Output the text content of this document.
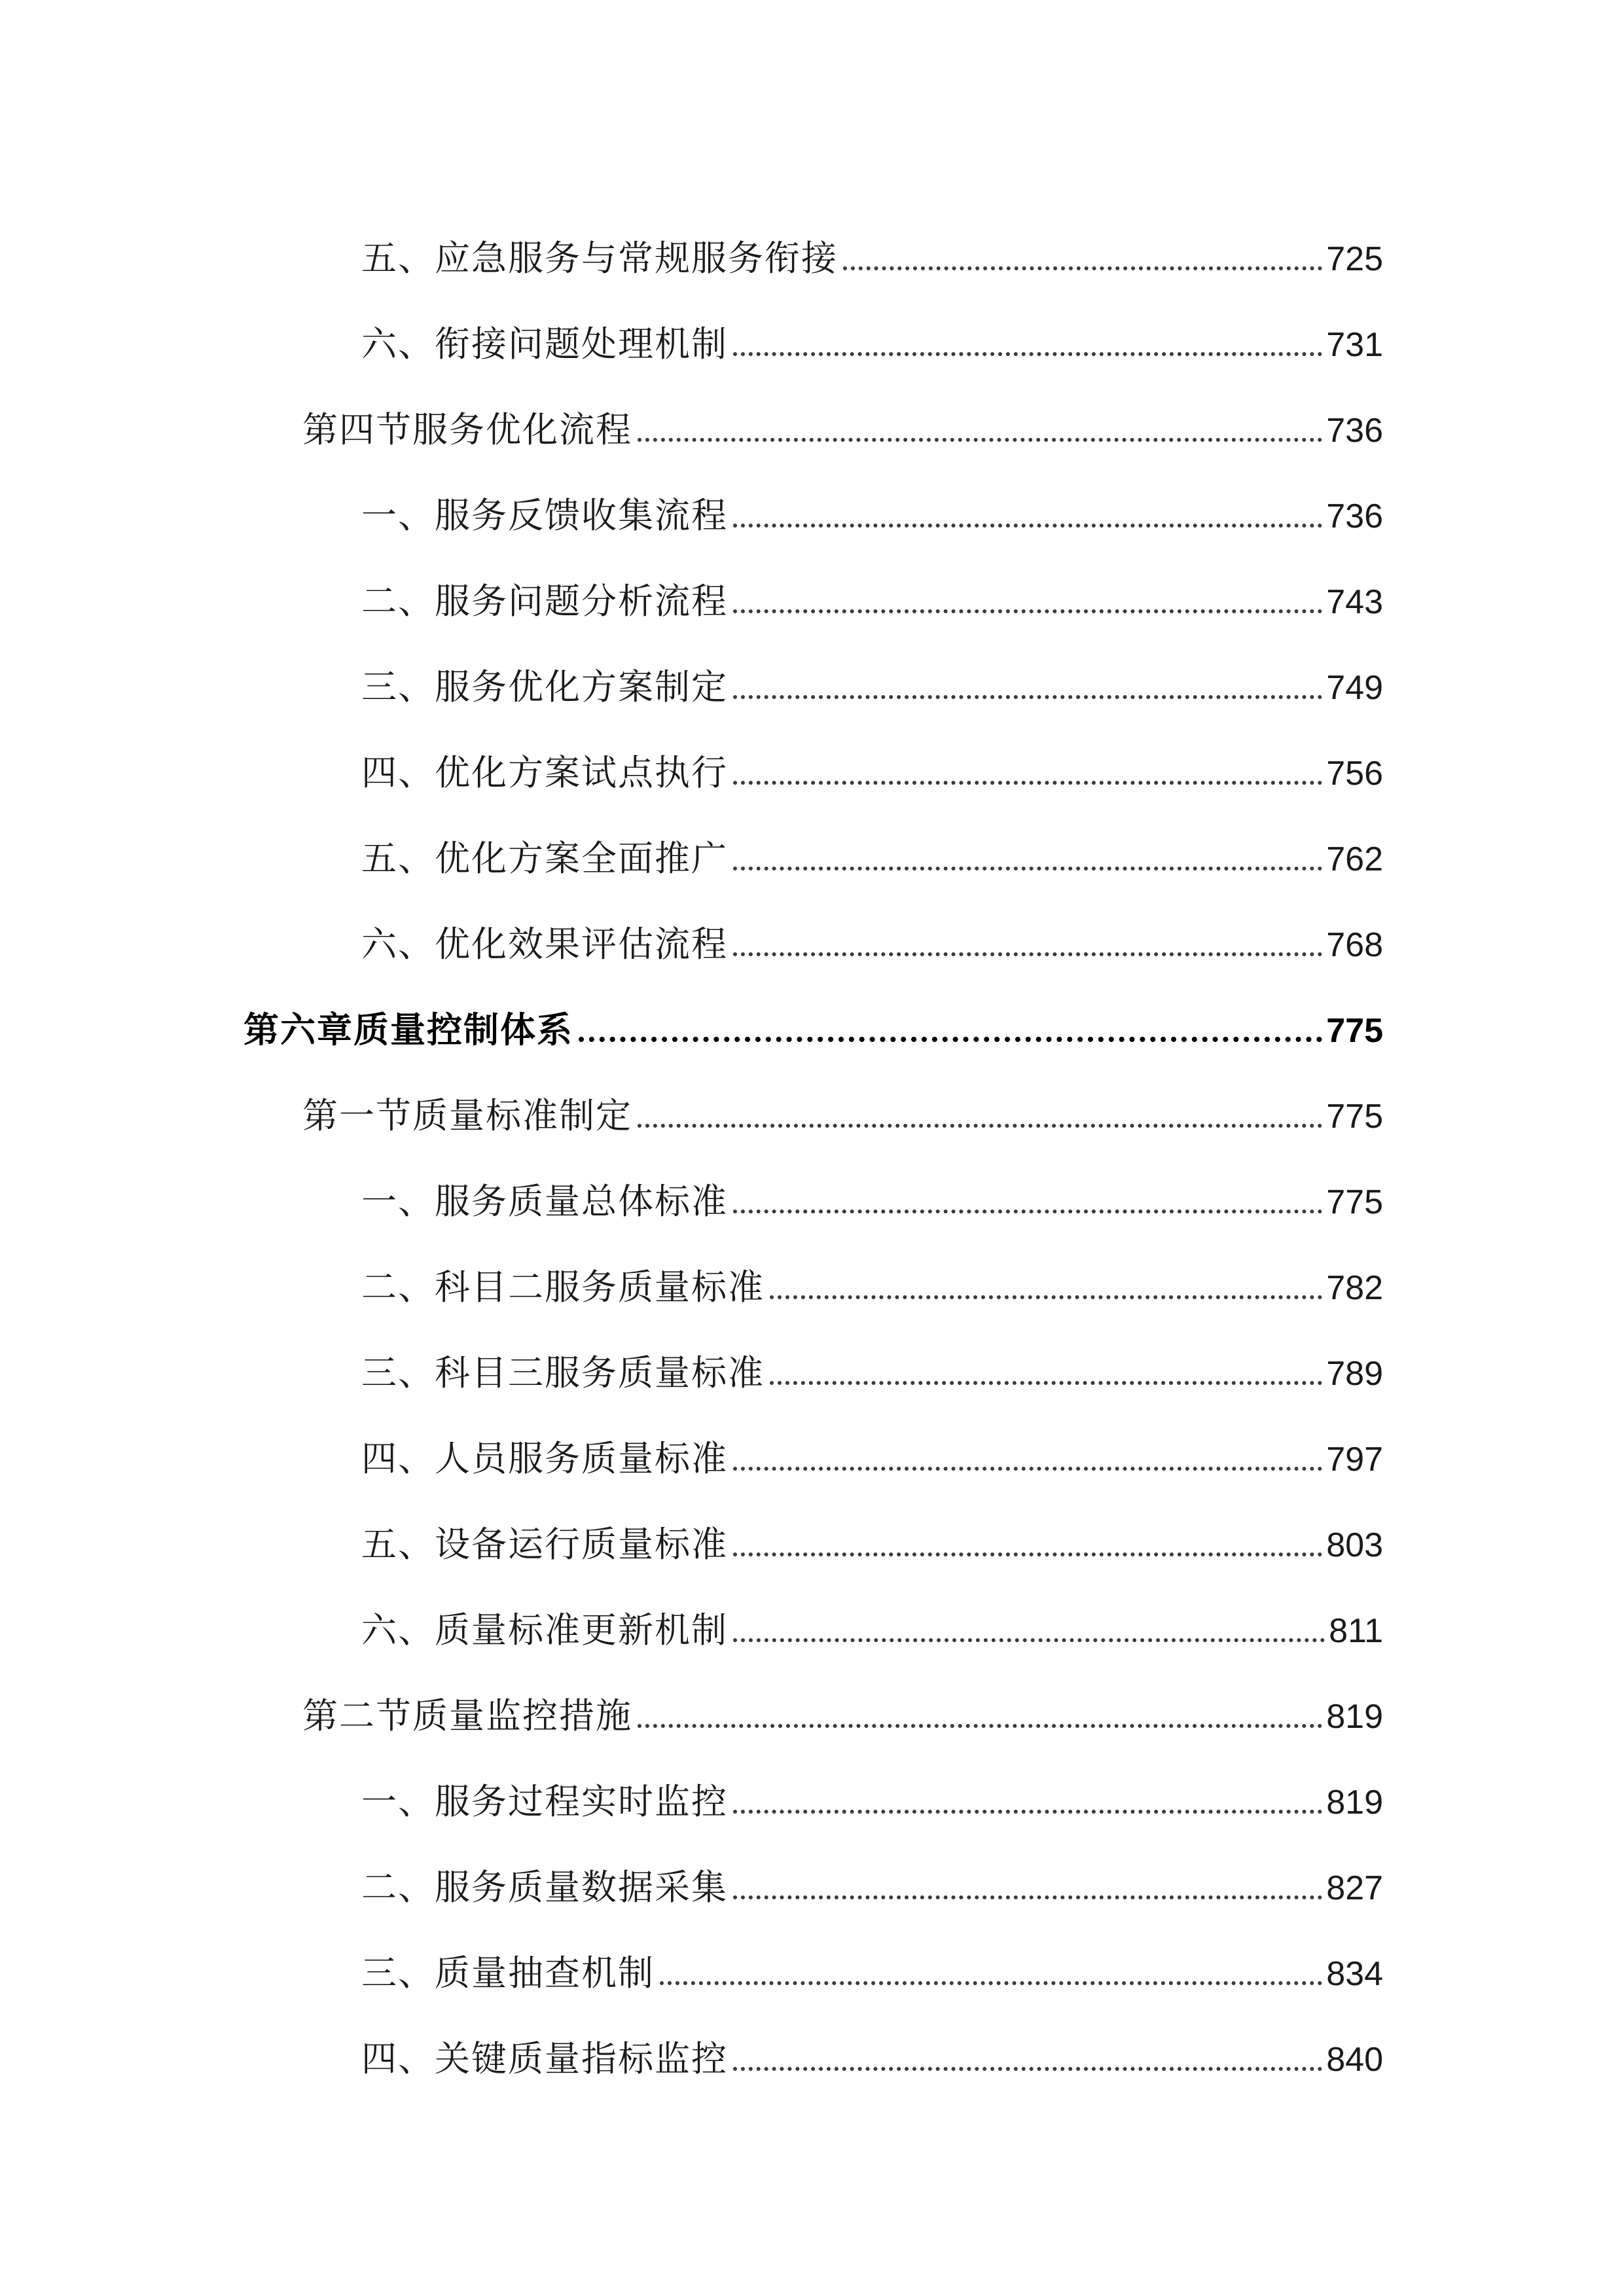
五、应急服务与常规服务衔接	725
六、衔接问题处理机制	731
第四节服务优化流程	736
一、服务反馈收集流程	736
二、服务问题分析流程	743
三、服务优化方案制定	749
四、优化方案试点执行	756
五、优化方案全面推广	762
六、优化效果评估流程	768
第六章质量控制体系	775
第一节质量标准制定	775
一、服务质量总体标准	775
二、科目二服务质量标准	782
三、科目三服务质量标准	789
四、人员服务质量标准	797
五、设备运行质量标准	803
六、质量标准更新机制	811
第二节质量监控措施	819
一、服务过程实时监控	819
二、服务质量数据采集	827
三、质量抽查机制	834
四、关键质量指标监控	840
